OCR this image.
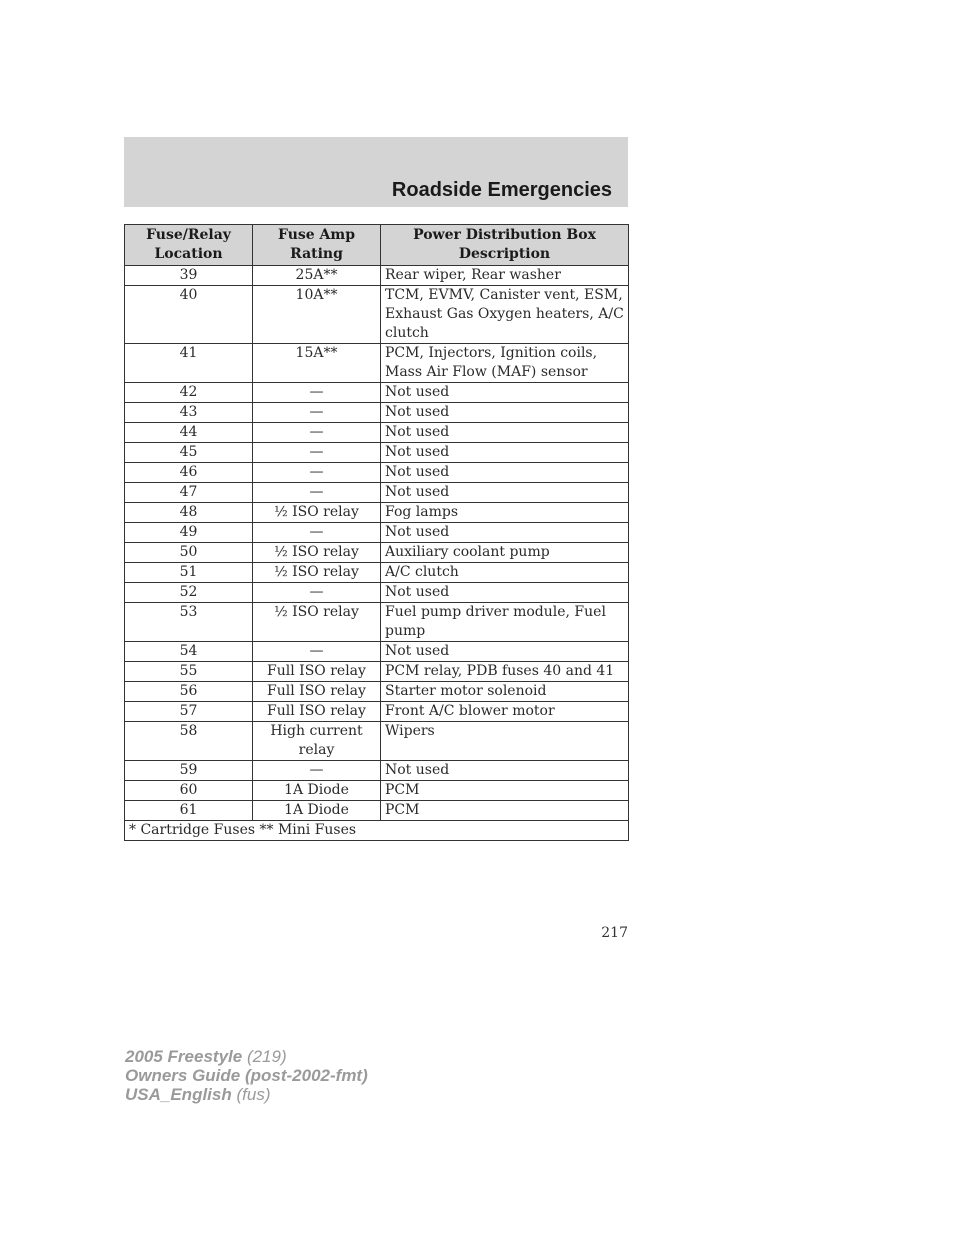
Roadside Emergencies
Fuse/Relay Location	Fuse Amp Rating	Power Distribution Box Description
39	25A**	Rear wiper, Rear washer
40	10A**	TCM, EVMV, Canister vent, ESM, Exhaust Gas Oxygen heaters, A/C clutch
41	15A**	PCM, Injectors, Ignition coils, Mass Air Flow (MAF) sensor
42	—	Not used
43	—	Not used
44	—	Not used
45	—	Not used
46	—	Not used
47	—	Not used
48	½ ISO relay	Fog lamps
49	—	Not used
50	½ ISO relay	Auxiliary coolant pump
51	½ ISO relay	A/C clutch
52	—	Not used
53	½ ISO relay	Fuel pump driver module, Fuel pump
54	—	Not used
55	Full ISO relay	PCM relay, PDB fuses 40 and 41
56	Full ISO relay	Starter motor solenoid
57	Full ISO relay	Front A/C blower motor
58	High current relay	Wipers
59	—	Not used
60	1A Diode	PCM
61	1A Diode	PCM
* Cartridge Fuses ** Mini Fuses		
217
2005 Freestyle (219)
Owners Guide (post-2002-fmt)
USA_English (fus)
